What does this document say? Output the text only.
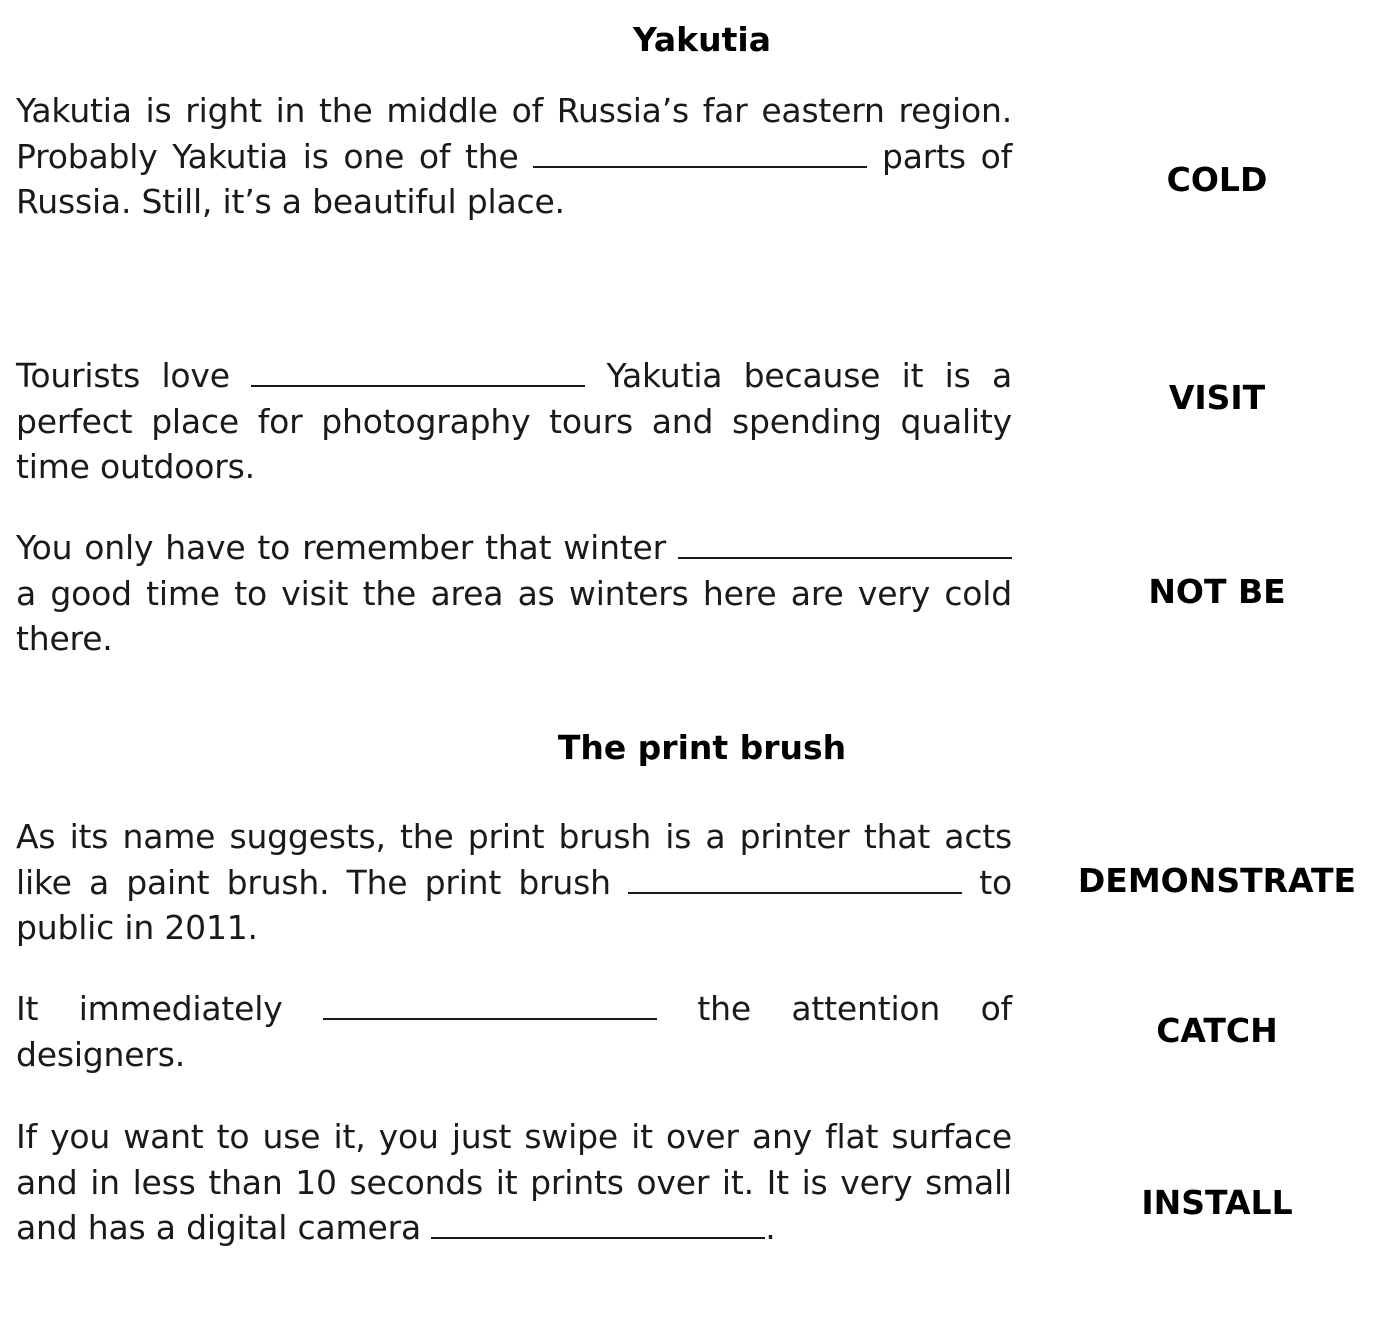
Yakutia
Yakutia is right in the middle of Russia’s far eastern region. Probably Yakutia is one of the	parts of Russia. Still, it’s a beautiful place.
COLD
Tourists love	Yakutia because it is a perfect place for photography tours and spending quality time outdoors.
VISIT
You only have to remember that winter  a good time to visit the area as winters here are very cold there.
NOT BE
The print brush
As its name suggests, the print brush is a printer that acts like a paint brush. The print brush	to public in 2011.
DEMONSTRATE
It immediately	the attention of designers.
CATCH
If you want to use it, you just swipe it over any flat surface and in less than 10 seconds it prints over it. It is very small and has a digital camera	.
INSTALL
